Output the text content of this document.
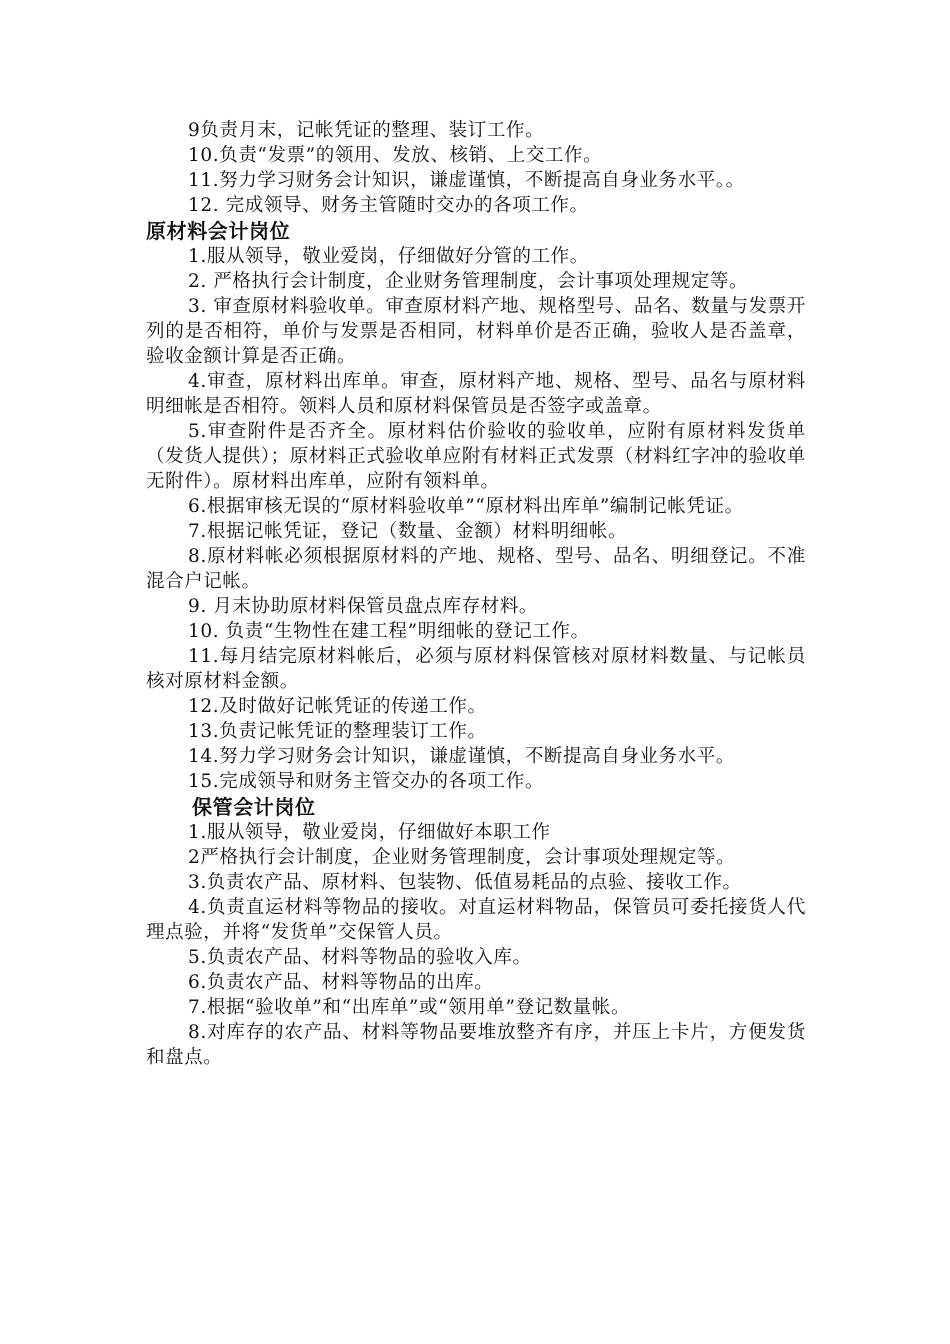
9负责月末，记帐凭证的整理、装订工作。

10.负责“发票”的领用、发放、核销、上交工作。

11.努力学习财务会计知识，谦虚谨慎，不断提高自身业务水平。。

12. 完成领导、财务主管随时交办的各项工作。

原材料会计岗位

1.服从领导，敬业爱岗，仔细做好分管的工作。

2. 严格执行会计制度，企业财务管理制度，会计事项处理规定等。

3. 审查原材料验收单。审查原材料产地、规格型号、品名、数量与发票开列的是否相符，单价与发票是否相同，材料单价是否正确，验收人是否盖章，验收金额计算是否正确。

4.审查，原材料出库单。审查，原材料产地、规格、型号、品名与原材料明细帐是否相符。领料人员和原材料保管员是否签字或盖章。

5.审查附件是否齐全。原材料估价验收的验收单，应附有原材料发货单（发货人提供）；原材料正式验收单应附有材料正式发票（材料红字冲的验收单无附件）。原材料出库单，应附有领料单。

6.根据审核无误的“原材料验收单”“原材料出库单”编制记帐凭证。

7.根据记帐凭证，登记（数量、金额）材料明细帐。

8.原材料帐必须根据原材料的产地、规格、型号、品名、明细登记。不准混合户记帐。

9. 月末协助原材料保管员盘点库存材料。

10. 负责“生物性在建工程”明细帐的登记工作。

11.每月结完原材料帐后，必须与原材料保管核对原材料数量、与记帐员核对原材料金额。

12.及时做好记帐凭证的传递工作。

13.负责记帐凭证的整理装订工作。

14.努力学习财务会计知识，谦虚谨慎，不断提高自身业务水平。

15.完成领导和财务主管交办的各项工作。

保管会计岗位

1.服从领导，敬业爱岗，仔细做好本职工作

2严格执行会计制度，企业财务管理制度，会计事项处理规定等。

3.负责农产品、原材料、包装物、低值易耗品的点验、接收工作。

4.负责直运材料等物品的接收。对直运材料物品，保管员可委托接货人代理点验，并将“发货单”交保管人员。

5.负责农产品、材料等物品的验收入库。

6.负责农产品、材料等物品的出库。

7.根据“验收单”和“出库单”或“领用单”登记数量帐。

8.对库存的农产品、材料等物品要堆放整齐有序，并压上卡片，方便发货和盘点。
